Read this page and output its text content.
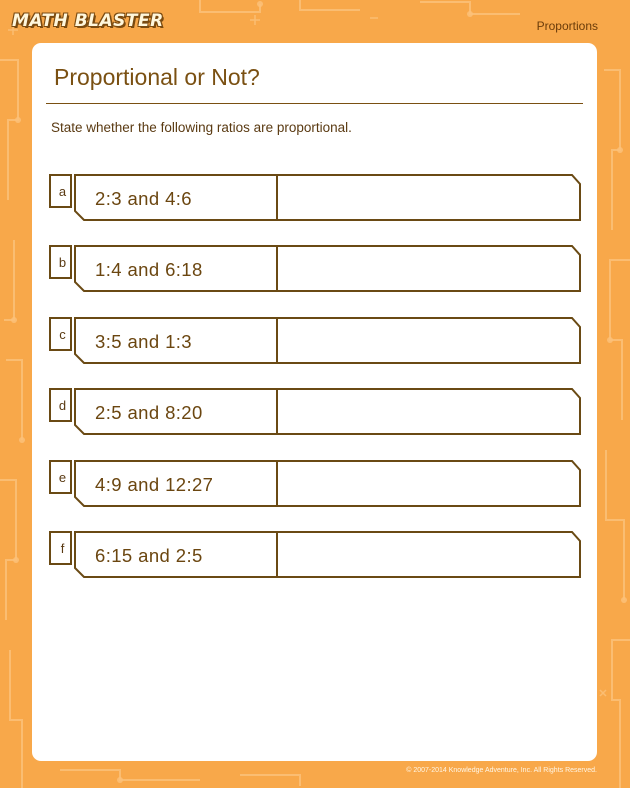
MATH BLASTER	Proportions
Proportional or Not?

State whether the following ratios are proportional.

a	2:3 and 4:6
b	1:4 and 6:18
c	3:5 and 1:3
d	2:5 and 8:20
e	4:9 and 12:27
f	6:15 and 2:5
© 2007-2014 Knowledge Adventure, Inc. All Rights Reserved.
